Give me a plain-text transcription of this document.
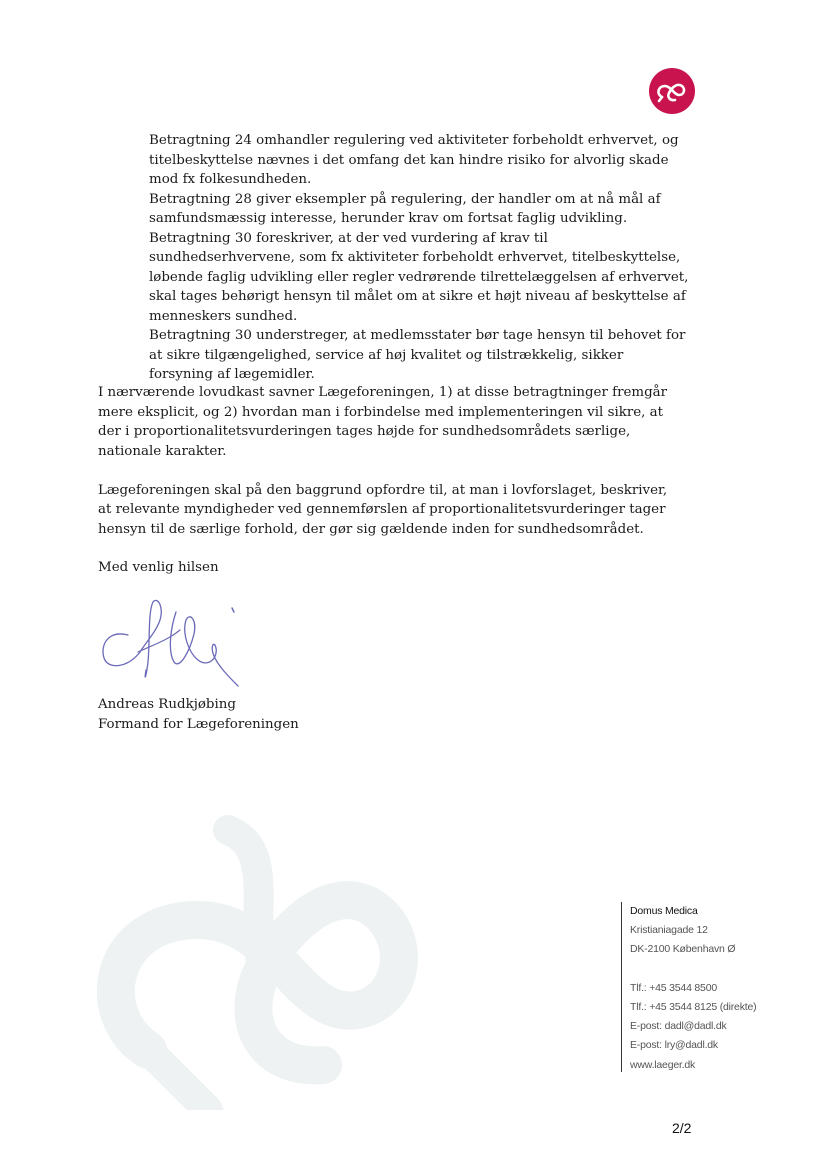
Betragtning 24 omhandler regulering ved aktiviteter forbeholdt erhvervet, og titelbeskyttelse nævnes i det omfang det kan hindre risiko for alvorlig skade mod fx folkesundheden.

Betragtning 28 giver eksempler på regulering, der handler om at nå mål af samfundsmæssig interesse, herunder krav om fortsat faglig udvikling.

Betragtning 30 foreskriver, at der ved vurdering af krav til sundhedserhvervene, som fx aktiviteter forbeholdt erhvervet, titelbeskyttelse, løbende faglig udvikling eller regler vedrørende tilrettelæggelsen af erhvervet, skal tages behørigt hensyn til målet om at sikre et højt niveau af beskyttelse af menneskers sundhed.

Betragtning 30 understreger, at medlemsstater bør tage hensyn til behovet for at sikre tilgængelighed, service af høj kvalitet og tilstrækkelig, sikker forsyning af lægemidler.

I nærværende lovudkast savner Lægeforeningen, 1) at disse betragtninger fremgår mere eksplicit, og 2) hvordan man i forbindelse med implementeringen vil sikre, at der i proportionalitetsvurderingen tages højde for sundhedsområdets særlige, nationale karakter.

Lægeforeningen skal på den baggrund opfordre til, at man i lovforslaget, beskriver, at relevante myndigheder ved gennemførslen af proportionalitetsvurderinger tager hensyn til de særlige forhold, der gør sig gældende inden for sundhedsområdet.

Med venlig hilsen
Andreas Rudkjøbing
Formand for Lægeforeningen
Domus Medica
Kristianiagade 12
DK-2100 København Ø
Tlf.: +45 3544 8500
Tlf.: +45 3544 8125 (direkte)
E-post: dadl@dadl.dk
E-post: lry@dadl.dk
www.laeger.dk
2/2
